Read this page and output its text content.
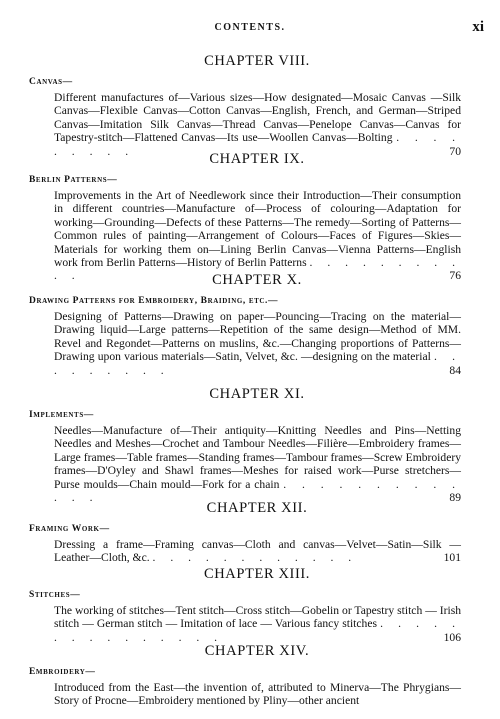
CONTENTS.	xi
CHAPTER VIII.
Canvas—
Different manufactures of—Various sizes—How designated—Mosaic Canvas —Silk Canvas—Flexible Canvas—Cotton Canvas—English, French, and German—Striped Canvas—Imitation Silk Canvas—Thread Canvas—Penelope Canvas—Canvas for Tapestry-stitch—Flattened Canvas—Its use—Woollen Canvas—Bolting . . . . . . . . .	70
CHAPTER IX.
Berlin Patterns—
Improvements in the Art of Needlework since their Introduction—Their consumption in different countries—Manufacture of—Process of colouring—Adaptation for working—Grounding—Defects of these Patterns—The remedy—Sorting of Patterns—Common rules of painting—Arrangement of Colours—Faces of Figures—Skies—Materials for working them on—Lining Berlin Canvas—Vienna Patterns—English work from Berlin Patterns—History of Berlin Patterns . . . . . . . . . . .	76
CHAPTER X.
Drawing Patterns for Embroidery, Braiding, etc.—
Designing of Patterns—Drawing on paper—Pouncing—Tracing on the material—Drawing liquid—Large patterns—Repetition of the same design—Method of MM. Revel and Regondet—Patterns on muslins, &c.—Changing proportions of Patterns—Drawing upon various materials—Satin, Velvet, &c. —designing on the material . . . . . . . . .	84
CHAPTER XI.
Implements—
Needles—Manufacture of—Their antiquity—Knitting Needles and Pins—Netting Needles and Meshes—Crochet and Tambour Needles—Filière—Embroidery frames—Large frames—Table frames—Standing frames—Tambour frames—Screw Embroidery frames—D'Oyley and Shawl frames—Meshes for raised work—Purse stretchers—Purse moulds—Chain mould—Fork for a chain . . . . . . . . . . . . .	89
CHAPTER XII.
Framing Work—
Dressing a frame—Framing canvas—Cloth and canvas—Velvet—Satin—Silk —Leather—Cloth, &c. . . . . . . . . . . . .	101
CHAPTER XIII.
Stitches—
The working of stitches—Tent stitch—Cross stitch—Gobelin or Tapestry stitch — Irish stitch — German stitch — Imitation of lace — Various fancy stitches . . . . . . . . . . . . . . .	106
CHAPTER XIV.
Embroidery—
Introduced from the East—the invention of, attributed to Minerva—The Phrygians—Story of Procne—Embroidery mentioned by Pliny—other ancient
